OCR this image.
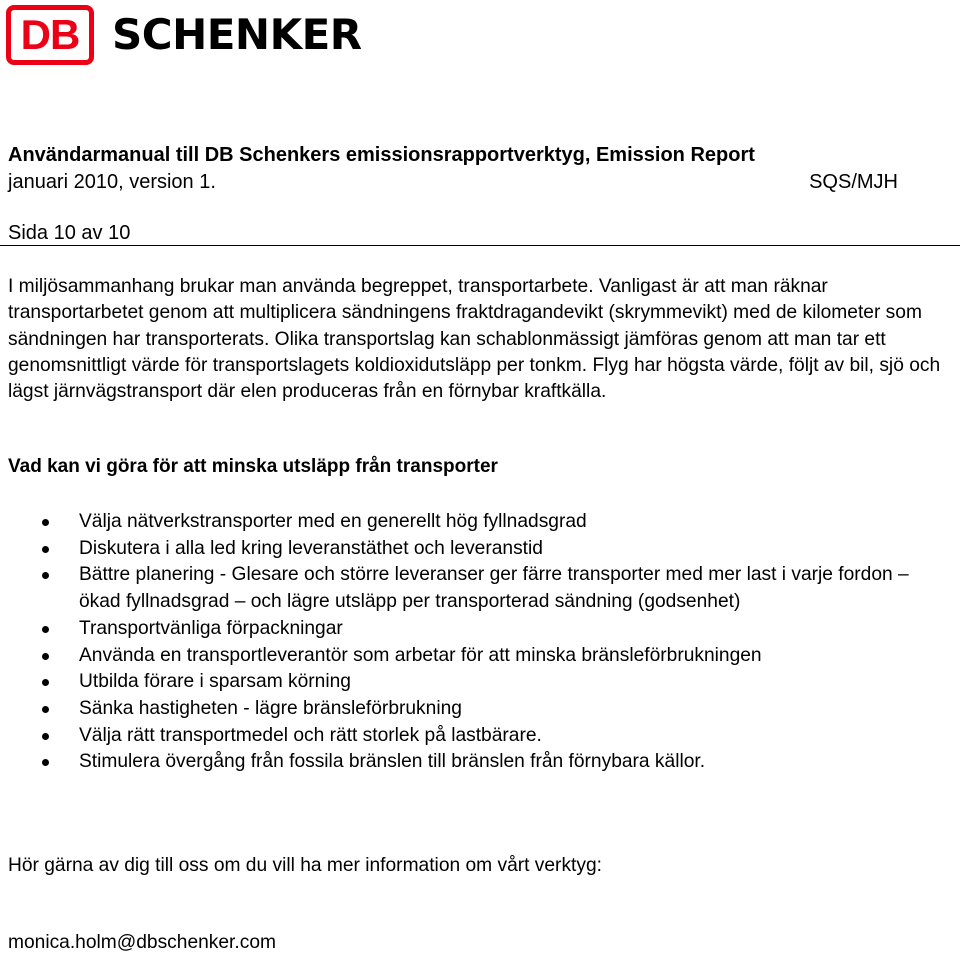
DB SCHENKER
Användarmanual till DB Schenkers emissionsrapportverktyg, Emission Report
januari 2010, version 1.	SQS/MJH
Sida 10 av 10

I miljösammanhang brukar man använda begreppet, transportarbete. Vanligast är att man räknar transportarbetet genom att multiplicera sändningens fraktdragandevikt (skrymmevikt) med de kilometer som sändningen har transporterats. Olika transportslag kan schablonmässigt jämföras genom att man tar ett genomsnittligt värde för transportslagets koldioxidutsläpp per tonkm. Flyg har högsta värde, följt av bil, sjö och lägst järnvägstransport där elen produceras från en förnybar kraftkälla.

Vad kan vi göra för att minska utsläpp från transporter
Välja nätverkstransporter med en generellt hög fyllnadsgrad
Diskutera i alla led kring leveranstäthet och leveranstid
Bättre planering - Glesare och större leveranser ger färre transporter med mer last i varje fordon – ökad fyllnadsgrad – och lägre utsläpp per transporterad sändning (godsenhet)
Transportvänliga förpackningar
Använda en transportleverantör som arbetar för att minska bränsleförbrukningen
Utbilda förare i sparsam körning
Sänka hastigheten - lägre bränsleförbrukning
Välja rätt transportmedel och rätt storlek på lastbärare.
Stimulera övergång från fossila bränslen till bränslen från förnybara källor.
Hör gärna av dig till oss om du vill ha mer information om vårt verktyg:
monica.holm@dbschenker.com
